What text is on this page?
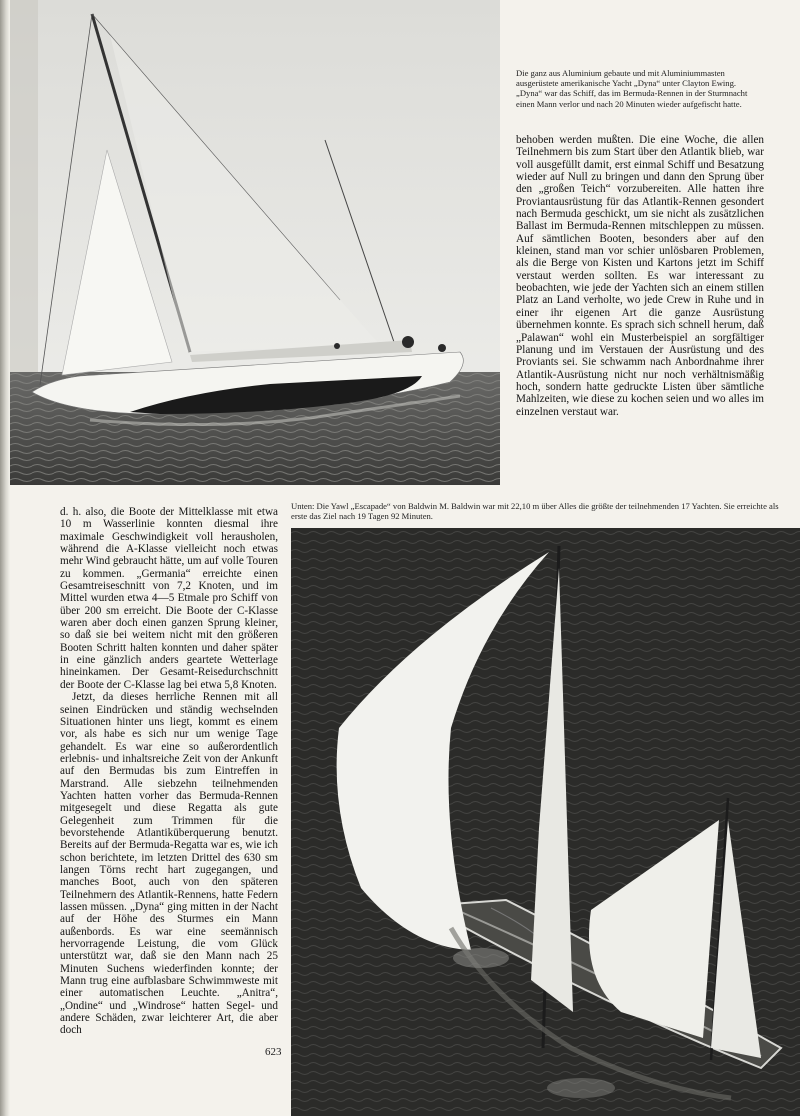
Die ganz aus Aluminium gebaute und mit Aluminiummasten ausgerüstete amerikanische Yacht „Dyna“ unter Clayton Ewing. „Dyna“ war das Schiff, das im Bermuda-Rennen in der Sturmnacht einen Mann verlor und nach 20 Minuten wieder aufgefischt hatte.

behoben werden mußten. Die eine Woche, die allen Teilnehmern bis zum Start über den Atlantik blieb, war voll ausgefüllt damit, erst einmal Schiff und Besatzung wieder auf Null zu bringen und dann den Sprung über den „großen Teich“ vorzubereiten. Alle hatten ihre Proviantausrüstung für das Atlantik-Rennen gesondert nach Bermuda geschickt, um sie nicht als zusätzlichen Ballast im Bermuda-Rennen mitschleppen zu müssen. Auf sämtlichen Booten, besonders aber auf den kleinen, stand man vor schier unlösbaren Problemen, als die Berge von Kisten und Kartons jetzt im Schiff verstaut werden sollten. Es war interessant zu beobachten, wie jede der Yachten sich an einem stillen Platz an Land verholte, wo jede Crew in Ruhe und in einer ihr eigenen Art die ganze Ausrüstung übernehmen konnte. Es sprach sich schnell herum, daß „Palawan“ wohl ein Musterbeispiel an sorgfältiger Planung und im Verstauen der Ausrüstung und des Proviants sei. Sie schwamm nach Anbordnahme ihrer Atlantik-Ausrüstung nicht nur noch verhältnismäßig hoch, sondern hatte gedruckte Listen über sämtliche Mahlzeiten, wie diese zu kochen seien und wo alles im einzelnen verstaut war.

Unten: Die Yawl „Escapade“ von Baldwin M. Baldwin war mit 22,10 m über Alles die größte der teilnehmenden 17 Yachten. Sie erreichte als erste das Ziel nach 19 Tagen 92 Minuten.

d. h. also, die Boote der Mittelklasse mit etwa 10 m Wasserlinie konnten diesmal ihre maximale Geschwindigkeit voll herausholen, während die A-Klasse vielleicht noch etwas mehr Wind gebraucht hätte, um auf volle Touren zu kommen. „Germania“ erreichte einen Gesamtreiseschnitt von 7,2 Knoten, und im Mittel wurden etwa 4—5 Etmale pro Schiff von über 200 sm erreicht. Die Boote der C-Klasse waren aber doch einen ganzen Sprung kleiner, so daß sie bei weitem nicht mit den größeren Booten Schritt halten konnten und daher später in eine gänzlich anders geartete Wetterlage hineinkamen. Der Gesamt-Reisedurchschnitt der Boote der C-Klasse lag bei etwa 5,8 Knoten.

Jetzt, da dieses herrliche Rennen mit all seinen Eindrücken und ständig wechselnden Situationen hinter uns liegt, kommt es einem vor, als habe es sich nur um wenige Tage gehandelt. Es war eine so außerordentlich erlebnis- und inhaltsreiche Zeit von der Ankunft auf den Bermudas bis zum Eintreffen in Marstrand. Alle siebzehn teilnehmenden Yachten hatten vorher das Bermuda-Rennen mitgesegelt und diese Regatta als gute Gelegenheit zum Trimmen für die bevorstehende Atlantiküberquerung benutzt. Bereits auf der Bermuda-Regatta war es, wie ich schon berichtete, im letzten Drittel des 630 sm langen Törns recht hart zugegangen, und manches Boot, auch von den späteren Teilnehmern des Atlantik-Rennens, hatte Federn lassen müssen. „Dyna“ ging mitten in der Nacht auf der Höhe des Sturmes ein Mann außenbords. Es war eine seemännisch hervorragende Leistung, die vom Glück unterstützt war, daß sie den Mann nach 25 Minuten Suchens wiederfinden konnte; der Mann trug eine aufblasbare Schwimmweste mit einer automatischen Leuchte. „Anitra“, „Ondine“ und „Windrose“ hatten Segel- und andere Schäden, zwar leichterer Art, die aber doch

623
